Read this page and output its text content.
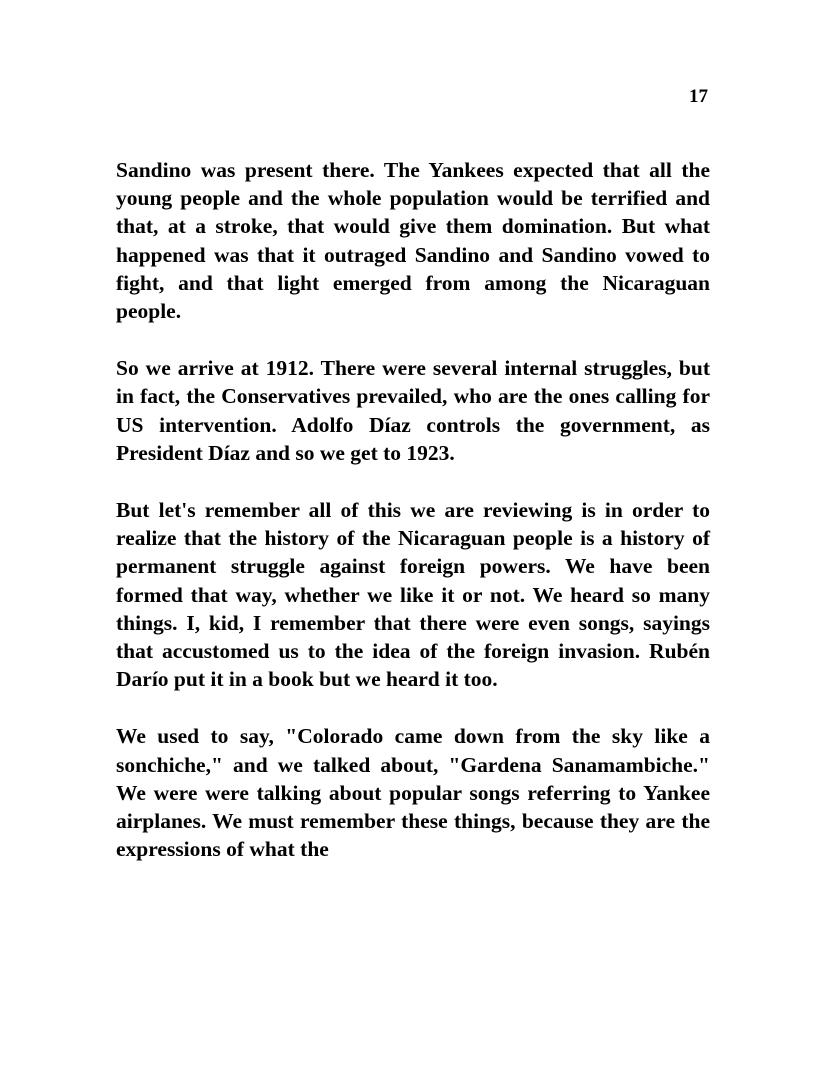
17

Sandino was present there. The Yankees expected that all the young people and the whole population would be terrified and that, at a stroke, that would give them domination. But what happened was that it outraged Sandino and Sandino vowed to fight, and that light emerged from among the Nicaraguan people.

So we arrive at 1912. There were several internal struggles, but in fact, the Conservatives prevailed, who are the ones calling for US intervention. Adolfo Díaz controls the government, as President Díaz and so we get to 1923.

But let's remember all of this we are reviewing is in order to realize that the history of the Nicaraguan people is a history of permanent struggle against foreign powers. We have been formed that way, whether we like it or not. We heard so many things. I, kid, I remember that there were even songs, sayings that accustomed us to the idea of the foreign invasion. Rubén Darío put it in a book but we heard it too.

We used to say, "Colorado came down from the sky like a sonchiche," and we talked about, "Gardena Sanamambiche." We were were talking about popular songs referring to Yankee airplanes. We must remember these things, because they are the expressions of what the
